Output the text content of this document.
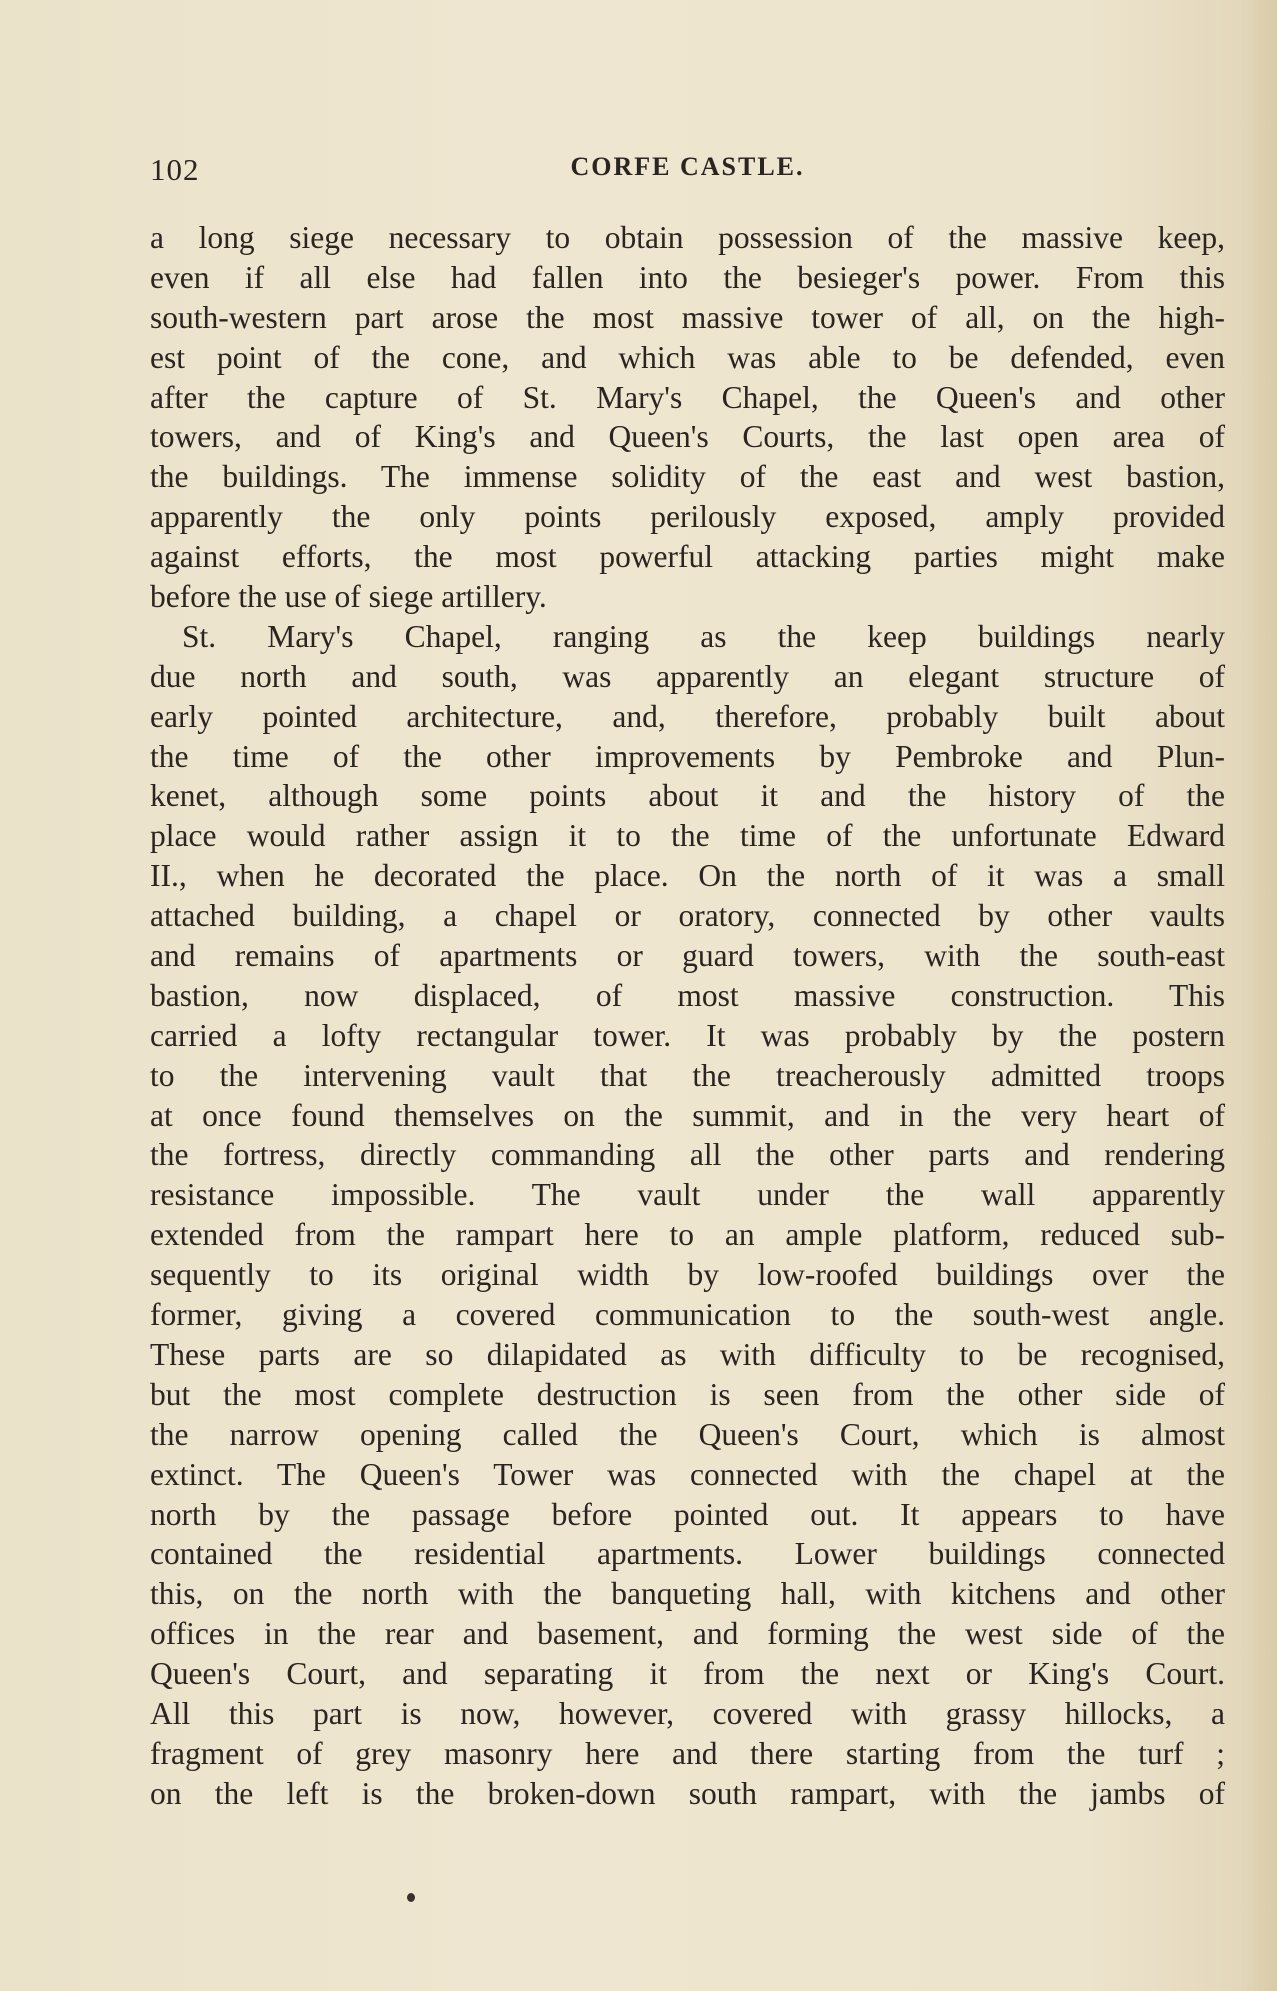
102	CORFE CASTLE.
a long siege necessary to obtain possession of the massive keep,
even if all else had fallen into the besieger's power. From this
south-western part arose the most massive tower of all, on the high-
est point of the cone, and which was able to be defended, even
after the capture of St. Mary's Chapel, the Queen's and other
towers, and of King's and Queen's Courts, the last open area of
the buildings. The immense solidity of the east and west bastion,
apparently the only points perilously exposed, amply provided
against efforts, the most powerful attacking parties might make
before the use of siege artillery.
St. Mary's Chapel, ranging as the keep buildings nearly
due north and south, was apparently an elegant structure of
early pointed architecture, and, therefore, probably built about
the time of the other improvements by Pembroke and Plun-
kenet, although some points about it and the history of the
place would rather assign it to the time of the unfortunate Edward
II., when he decorated the place. On the north of it was a small
attached building, a chapel or oratory, connected by other vaults
and remains of apartments or guard towers, with the south-east
bastion, now displaced, of most massive construction. This
carried a lofty rectangular tower. It was probably by the postern
to the intervening vault that the treacherously admitted troops
at once found themselves on the summit, and in the very heart of
the fortress, directly commanding all the other parts and rendering
resistance impossible. The vault under the wall apparently
extended from the rampart here to an ample platform, reduced sub-
sequently to its original width by low-roofed buildings over the
former, giving a covered communication to the south-west angle.
These parts are so dilapidated as with difficulty to be recognised,
but the most complete destruction is seen from the other side of
the narrow opening called the Queen's Court, which is almost
extinct. The Queen's Tower was connected with the chapel at the
north by the passage before pointed out. It appears to have
contained the residential apartments. Lower buildings connected
this, on the north with the banqueting hall, with kitchens and other
offices in the rear and basement, and forming the west side of the
Queen's Court, and separating it from the next or King's Court.
All this part is now, however, covered with grassy hillocks, a
fragment of grey masonry here and there starting from the turf ;
on the left is the broken-down south rampart, with the jambs of
